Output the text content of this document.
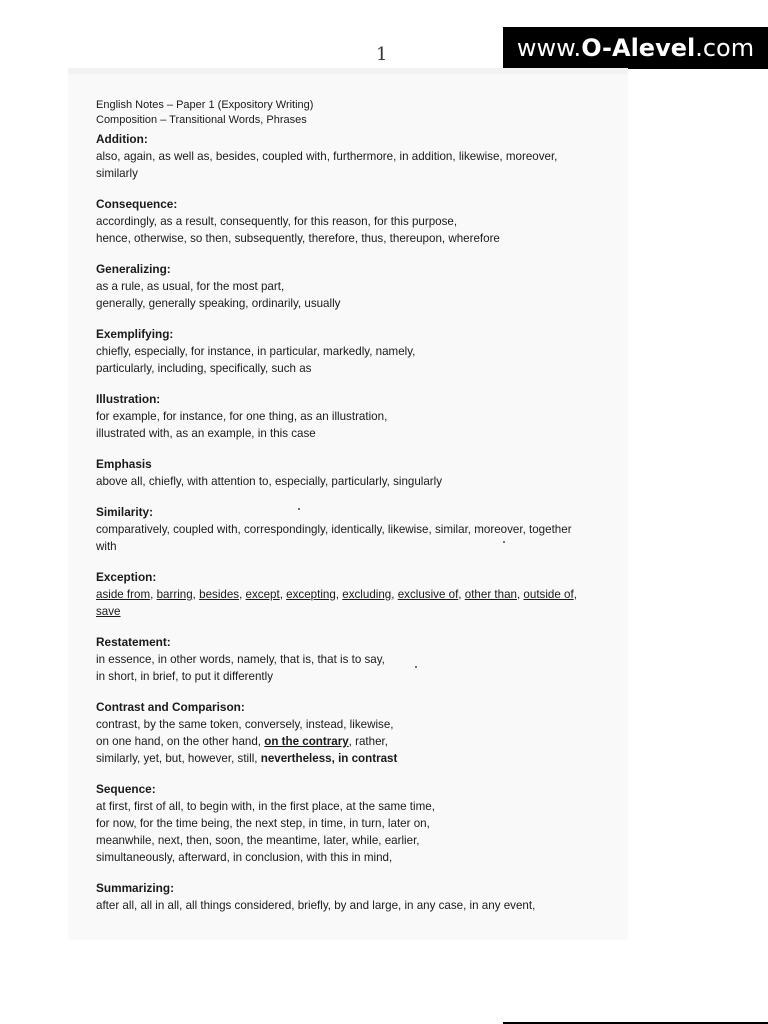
1	www.O-Alevel.com
English Notes – Paper 1 (Expository Writing)
Composition – Transitional Words, Phrases
Addition:
also, again, as well as, besides, coupled with, furthermore, in addition, likewise, moreover,
similarly
Consequence:
accordingly, as a result, consequently, for this reason, for this purpose,
hence, otherwise, so then, subsequently, therefore, thus, thereupon, wherefore
Generalizing:
as a rule, as usual, for the most part,
generally, generally speaking, ordinarily, usually
Exemplifying:
chiefly, especially, for instance, in particular, markedly, namely,
particularly, including, specifically, such as
Illustration:
for example, for instance, for one thing, as an illustration,
illustrated with, as an example, in this case
Emphasis
above all, chiefly, with attention to, especially, particularly, singularly
Similarity:
comparatively, coupled with, correspondingly, identically, likewise, similar, moreover, together
with
Exception:
aside from, barring, besides, except, excepting, excluding, exclusive of, other than, outside of,
save
Restatement:
in essence, in other words, namely, that is, that is to say,
in short, in brief, to put it differently
Contrast and Comparison:
contrast, by the same token, conversely, instead, likewise,
on one hand, on the other hand, on the contrary, rather,
similarly, yet, but, however, still, nevertheless, in contrast
Sequence:
at first, first of all, to begin with, in the first place, at the same time,
for now, for the time being, the next step, in time, in turn, later on,
meanwhile, next, then, soon, the meantime, later, while, earlier,
simultaneously, afterward, in conclusion, with this in mind,
Summarizing:
after all, all in all, all things considered, briefly, by and large, in any case, in any event,
